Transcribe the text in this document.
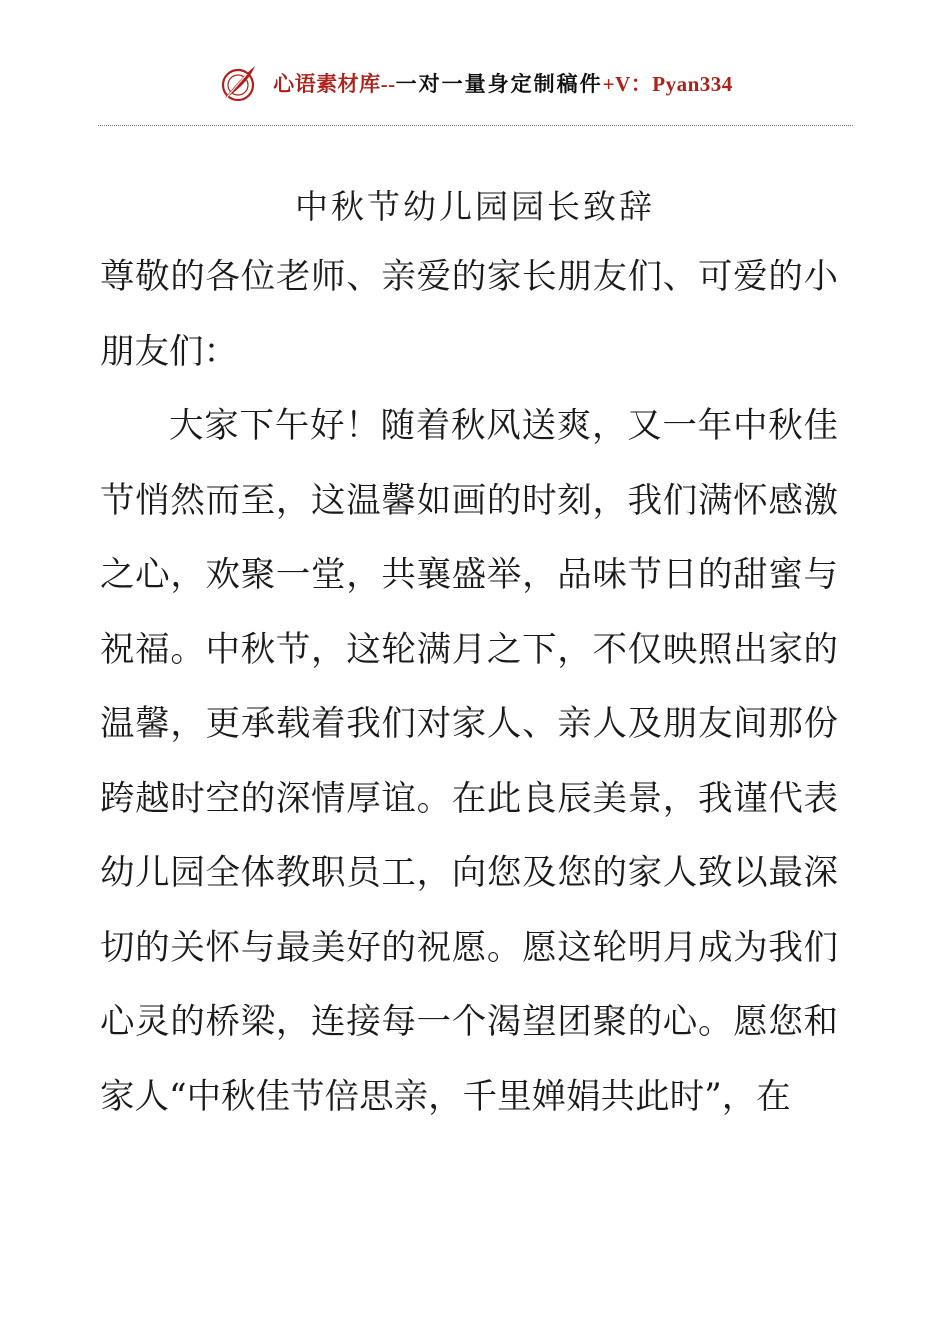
心语素材库--一对一量身定制稿件+V：Pyan334
中秋节幼儿园园长致辞

尊敬的各位老师、亲爱的家长朋友们、可爱的小朋友们：

大家下午好！随着秋风送爽，又一年中秋佳节悄然而至，这温馨如画的时刻，我们满怀感激之心，欢聚一堂，共襄盛举，品味节日的甜蜜与祝福。中秋节，这轮满月之下，不仅映照出家的温馨，更承载着我们对家人、亲人及朋友间那份跨越时空的深情厚谊。在此良辰美景，我谨代表幼儿园全体教职员工，向您及您的家人致以最深切的关怀与最美好的祝愿。愿这轮明月成为我们心灵的桥梁，连接每一个渴望团聚的心。愿您和家人“中秋佳节倍思亲，千里婵娟共此时”，在
